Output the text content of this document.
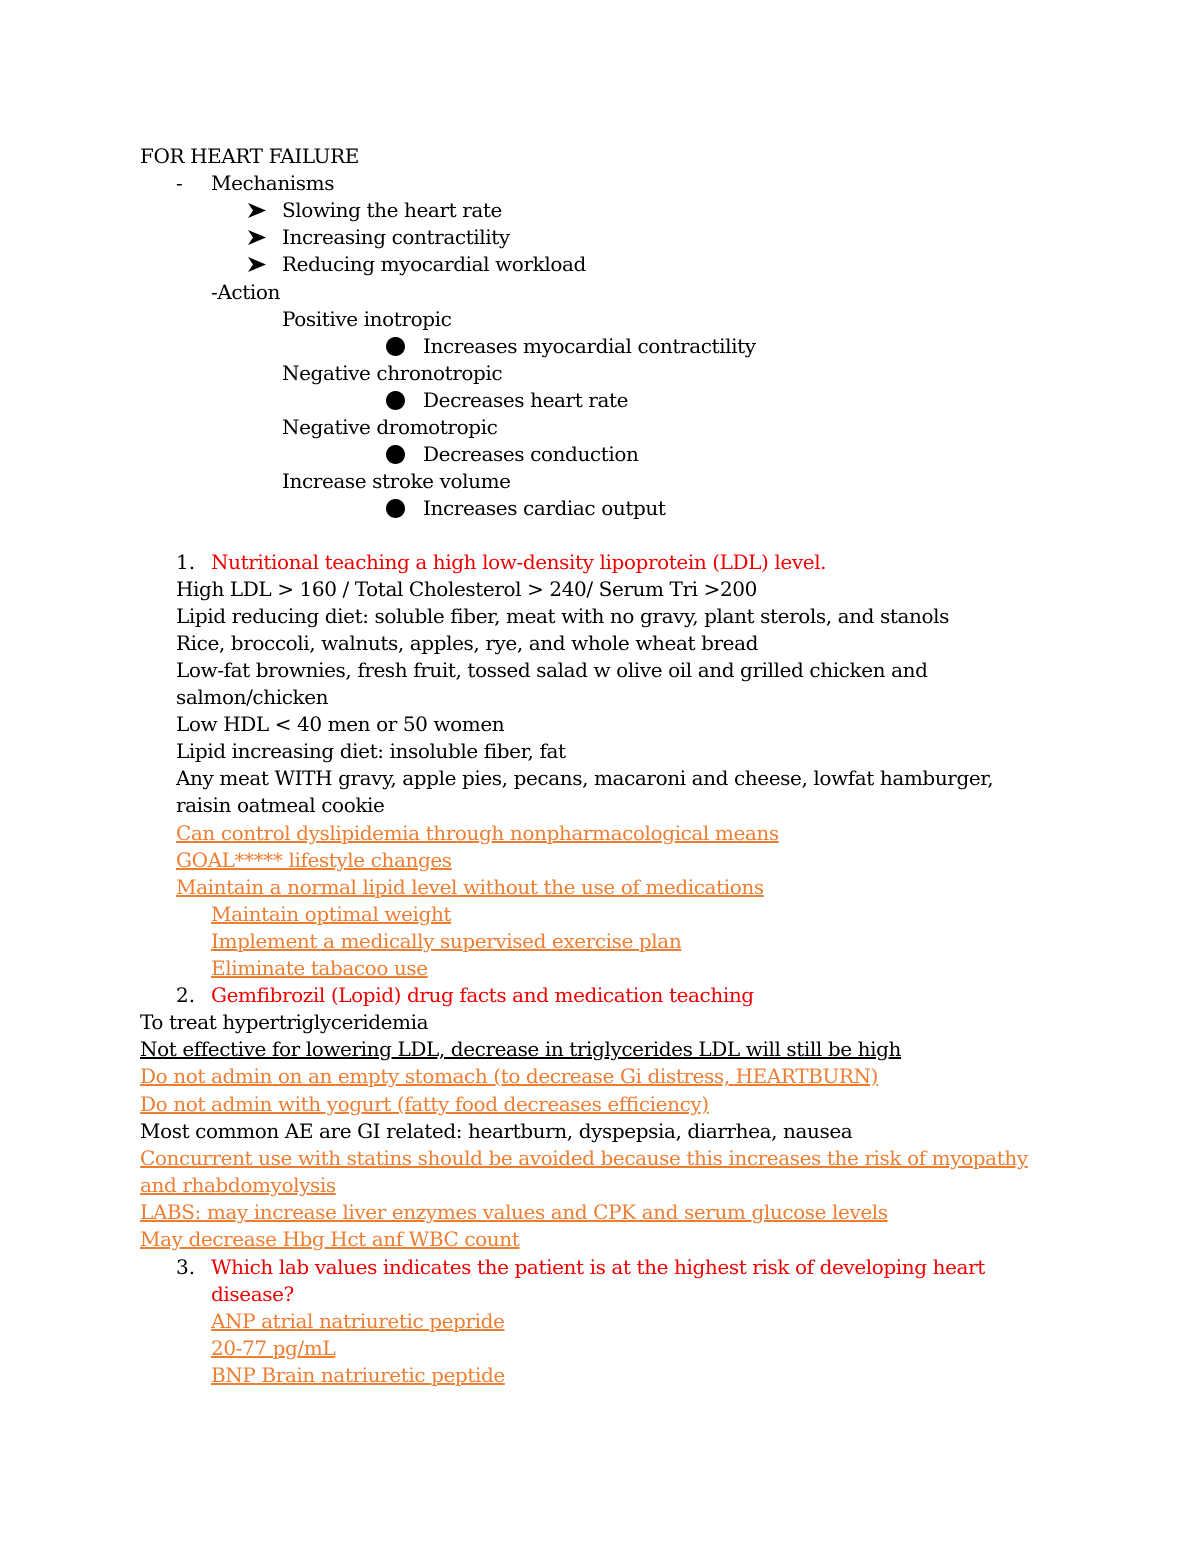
FOR HEART FAILURE
- Mechanisms
Slowing the heart rate
Increasing contractility
Reducing myocardial workload
-Action
Positive inotropic
Increases myocardial contractility
Negative chronotropic
Decreases heart rate
Negative dromotropic
Decreases conduction
Increase stroke volume
Increases cardiac output
1. Nutritional teaching a high low-density lipoprotein (LDL) level.
High LDL > 160 / Total Cholesterol > 240/ Serum Tri >200
Lipid reducing diet: soluble fiber, meat with no gravy, plant sterols, and stanols
Rice, broccoli, walnuts, apples, rye, and whole wheat bread
Low-fat brownies, fresh fruit, tossed salad w olive oil and grilled chicken and
salmon/chicken
Low HDL < 40 men or 50 women
Lipid increasing diet: insoluble fiber, fat
Any meat WITH gravy, apple pies, pecans, macaroni and cheese, lowfat hamburger,
raisin oatmeal cookie
Can control dyslipidemia through nonpharmacological means
GOAL***** lifestyle changes
Maintain a normal lipid level without the use of medications
Maintain optimal weight
Implement a medically supervised exercise plan
Eliminate tabacoo use
2. Gemfibrozil (Lopid) drug facts and medication teaching
To treat hypertriglyceridemia
Not effective for lowering LDL, decrease in triglycerides LDL will still be high
Do not admin on an empty stomach (to decrease Gi distress, HEARTBURN)
Do not admin with yogurt (fatty food decreases efficiency)
Most common AE are GI related: heartburn, dyspepsia, diarrhea, nausea
Concurrent use with statins should be avoided because this increases the risk of myopathy
and rhabdomyolysis
LABS: may increase liver enzymes values and CPK and serum glucose levels
May decrease Hbg Hct anf WBC count
3. Which lab values indicates the patient is at the highest risk of developing heart
disease?
ANP atrial natriuretic pepride
20-77 pg/mL
BNP Brain natriuretic peptide
